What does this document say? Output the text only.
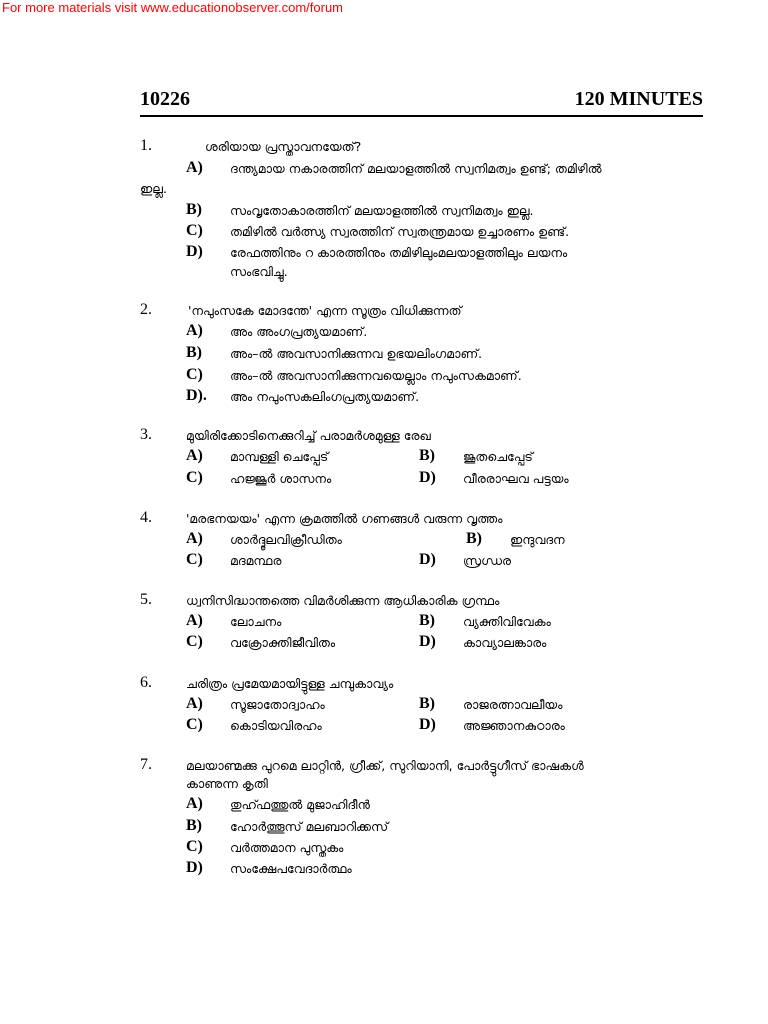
For more materials visit www.educationobserver.com/forum
10226	120 MINUTES
1.	ശരിയായ പ്രസ്താവനയേത്?
A) ദന്ത്യമായ നകാരത്തിന് മലയാളത്തിൽ സ്വനിമത്വം ഉണ്ട്; തമിഴിൽ
ഇല്ല.
B) സംവൃതോകാരത്തിന് മലയാളത്തിൽ സ്വനിമത്വം ഇല്ല.
C) തമിഴിൽ വർത്സ്യ സ്വരത്തിന് സ്വതന്ത്രമായ ഉച്ചാരണം ഉണ്ട്.
D) രേഫത്തിനും റ കാരത്തിനും തമിഴിലുംമലയാളത്തിലും ലയനം
സംഭവിച്ചു.
2.	'നപുംസകേ മോദന്തേ' എന്ന സൂത്രം വിധിക്കുന്നത്
A) അം അംഗപ്രത്യയമാണ്.
B) അം–ൽ അവസാനിക്കുന്നവ ഉഭയലിംഗമാണ്.
C) അം–ൽ അവസാനിക്കുന്നവയെല്ലാം നപുംസകമാണ്.
D). അം നപുംസകലിംഗപ്രത്യയമാണ്.
3.	മുയിരിക്കോടിനെക്കുറിച്ച് പരാമർശമുള്ള രേഖ
A) മാമ്പള്ളി ചെപ്പേട്	B) ജൂതചെപ്പേട്
C) ഹജ്ജൂർ ശാസനം	D) വീരരാഘവ പട്ടയം
4.	'മരഭനയയം' എന്ന ക്രമത്തിൽ ഗണങ്ങൾ വരുന്ന വൃത്തം
A) ശാർദ്ദൂലവിക്രീഡിതം	B) ഇന്ദുവദന
C) മദമന്ഥര	D) സ്രഗ്ധര
5.	ധ്വനിസിദ്ധാന്തത്തെ വിമർശിക്കുന്ന ആധികാരിക ഗ്രന്ഥം
A) ലോചനം	B) വ്യക്തിവിവേകം
C) വക്രോക്തിജീവിതം	D) കാവ്യാലങ്കാരം
6.	ചരിത്രം പ്രമേയമായിട്ടുള്ള ചമ്പുകാവ്യം
A) സൂജാതോദ്വാഹം	B) രാജരത്നാവലീയം
C) കൊടിയവിരഹം	D) അജ്ഞാനകുഠാരം
7.	മലയാണ്മക്കു പുറമെ ലാറ്റിൻ, ഗ്രീക്ക്, സുറിയാനി, പോർട്ടുഗീസ് ഭാഷകൾ
കാണുന്ന കൃതി
A) തുഹ്ഫത്തുൽ മുജാഹിദീൻ
B) ഹോർത്തൂസ് മലബാറിക്കസ്
C) വർത്തമാന പുസ്തകം
D) സംക്ഷേപവേദാർത്ഥം
